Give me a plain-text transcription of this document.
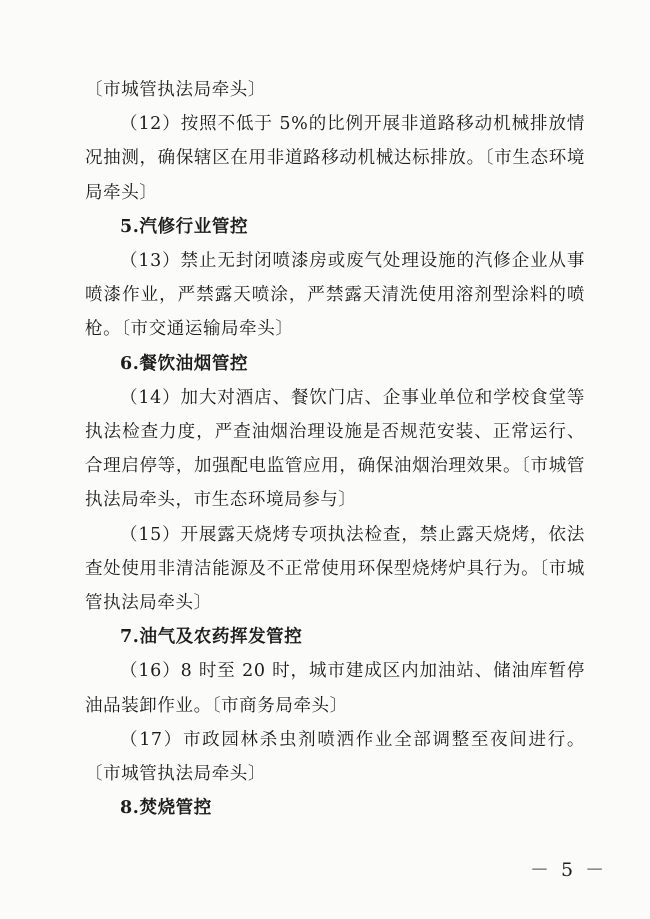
〔市城管执法局牵头〕

（12）按照不低于 5%的比例开展非道路移动机械排放情况抽测，确保辖区在用非道路移动机械达标排放。〔市生态环境局牵头〕

5.汽修行业管控

（13）禁止无封闭喷漆房或废气处理设施的汽修企业从事喷漆作业，严禁露天喷涂，严禁露天清洗使用溶剂型涂料的喷枪。〔市交通运输局牵头〕

6.餐饮油烟管控

（14）加大对酒店、餐饮门店、企事业单位和学校食堂等执法检查力度，严查油烟治理设施是否规范安装、正常运行、合理启停等，加强配电监管应用，确保油烟治理效果。〔市城管执法局牵头，市生态环境局参与〕

（15）开展露天烧烤专项执法检查，禁止露天烧烤，依法查处使用非清洁能源及不正常使用环保型烧烤炉具行为。〔市城管执法局牵头〕

7.油气及农药挥发管控

（16）8 时至 20 时，城市建成区内加油站、储油库暂停油品装卸作业。〔市商务局牵头〕

（17）市政园林杀虫剂喷洒作业全部调整至夜间进行。〔市城管执法局牵头〕

8.焚烧管控

－ 5 －
